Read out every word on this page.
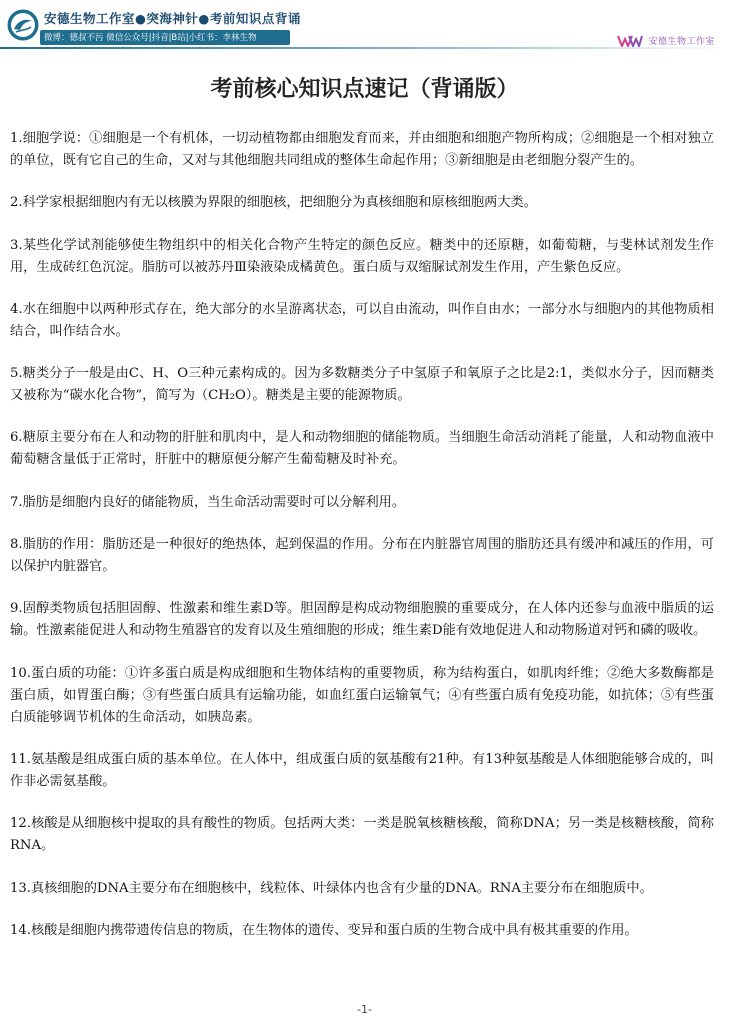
安德生物工作室●突海神针●考前知识点背诵
微博：德叔不污 微信公众号|抖音|B站|小红书：李林生物	安德生物工作室
考前核心知识点速记（背诵版）

1.细胞学说：①细胞是一个有机体，一切动植物都由细胞发育而来，并由细胞和细胞产物所构成；②细胞是一个相对独立的单位，既有它自己的生命，又对与其他细胞共同组成的整体生命起作用；③新细胞是由老细胞分裂产生的。

2.科学家根据细胞内有无以核膜为界限的细胞核，把细胞分为真核细胞和原核细胞两大类。

3.某些化学试剂能够使生物组织中的相关化合物产生特定的颜色反应。糖类中的还原糖，如葡萄糖，与斐林试剂发生作用，生成砖红色沉淀。脂肪可以被苏丹Ⅲ染液染成橘黄色。蛋白质与双缩脲试剂发生作用，产生紫色反应。

4.水在细胞中以两种形式存在，绝大部分的水呈游离状态，可以自由流动，叫作自由水；一部分水与细胞内的其他物质相结合，叫作结合水。

5.糖类分子一般是由C、H、O三种元素构成的。因为多数糖类分子中氢原子和氧原子之比是2:1，类似水分子，因而糖类又被称为“碳水化合物”，简写为（CH₂O）。糖类是主要的能源物质。

6.糖原主要分布在人和动物的肝脏和肌肉中，是人和动物细胞的储能物质。当细胞生命活动消耗了能量，人和动物血液中葡萄糖含量低于正常时，肝脏中的糖原便分解产生葡萄糖及时补充。

7.脂肪是细胞内良好的储能物质，当生命活动需要时可以分解利用。

8.脂肪的作用：脂肪还是一种很好的绝热体，起到保温的作用。分布在内脏器官周围的脂肪还具有缓冲和减压的作用，可以保护内脏器官。

9.固醇类物质包括胆固醇、性激素和维生素D等。胆固醇是构成动物细胞膜的重要成分，在人体内还参与血液中脂质的运输。性激素能促进人和动物生殖器官的发育以及生殖细胞的形成；维生素D能有效地促进人和动物肠道对钙和磷的吸收。

10.蛋白质的功能：①许多蛋白质是构成细胞和生物体结构的重要物质，称为结构蛋白，如肌肉纤维；②绝大多数酶都是蛋白质，如胃蛋白酶；③有些蛋白质具有运输功能，如血红蛋白运输氧气；④有些蛋白质有免疫功能，如抗体；⑤有些蛋白质能够调节机体的生命活动，如胰岛素。

11.氨基酸是组成蛋白质的基本单位。在人体中，组成蛋白质的氨基酸有21种。有13种氨基酸是人体细胞能够合成的，叫作非必需氨基酸。

12.核酸是从细胞核中提取的具有酸性的物质。包括两大类：一类是脱氧核糖核酸，简称DNA；另一类是核糖核酸，简称RNA。

13.真核细胞的DNA主要分布在细胞核中，线粒体、叶绿体内也含有少量的DNA。RNA主要分布在细胞质中。

14.核酸是细胞内携带遗传信息的物质，在生物体的遗传、变异和蛋白质的生物合成中具有极其重要的作用。

-1-
